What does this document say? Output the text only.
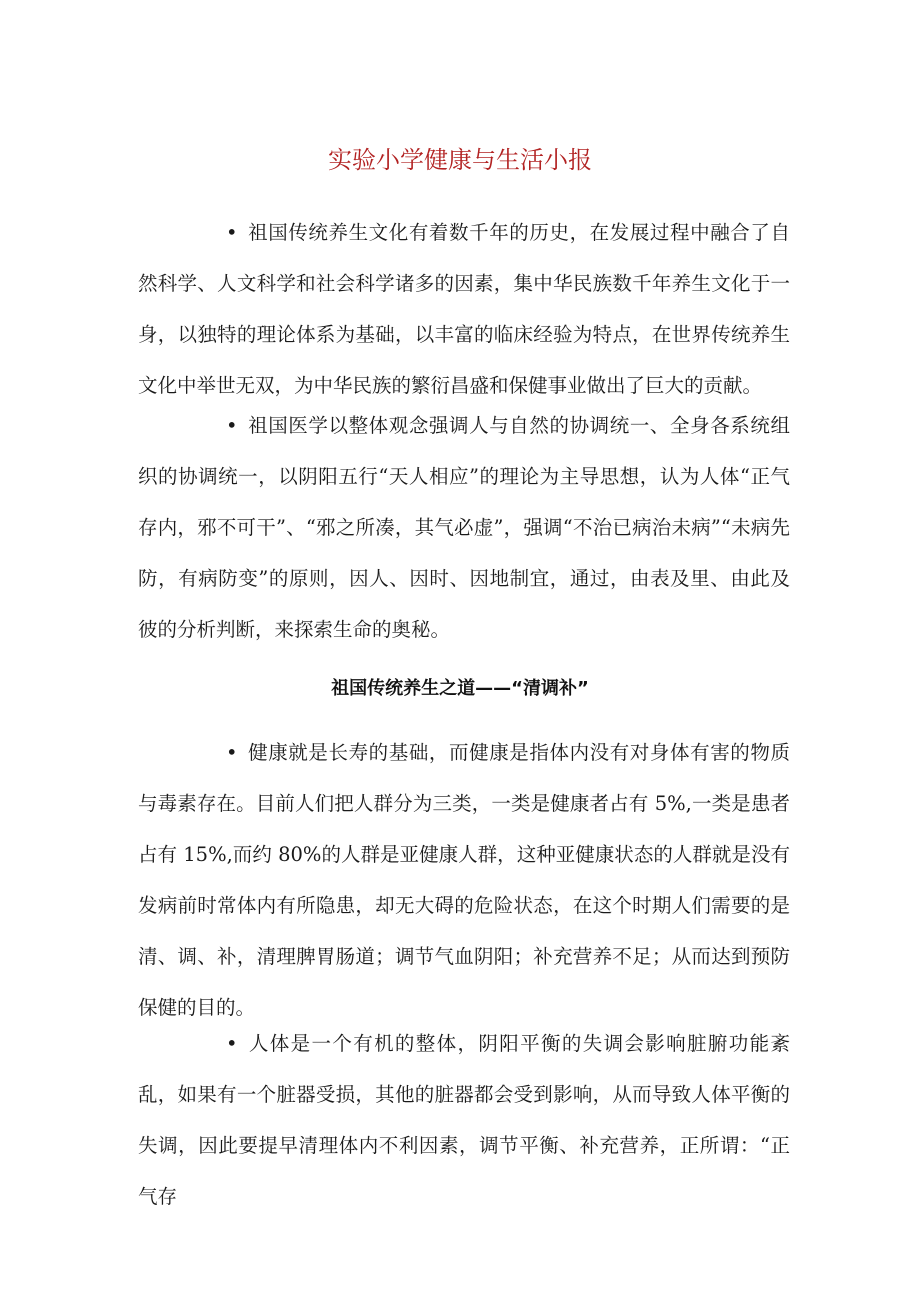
实验小学健康与生活小报

• 祖国传统养生文化有着数千年的历史，在发展过程中融合了自然科学、人文科学和社会科学诸多的因素，集中华民族数千年养生文化于一身，以独特的理论体系为基础，以丰富的临床经验为特点，在世界传统养生文化中举世无双，为中华民族的繁衍昌盛和保健事业做出了巨大的贡献。

• 祖国医学以整体观念强调人与自然的协调统一、全身各系统组织的协调统一，以阴阳五行“天人相应”的理论为主导思想，认为人体“正气存内，邪不可干”、“邪之所凑，其气必虚”，强调“不治已病治未病”“未病先防，有病防变”的原则，因人、因时、因地制宜，通过，由表及里、由此及彼的分析判断，来探索生命的奥秘。

祖国传统养生之道——“清调补”

• 健康就是长寿的基础，而健康是指体内没有对身体有害的物质与毒素存在。目前人们把人群分为三类，一类是健康者占有 5%,一类是患者占有 15%,而约 80%的人群是亚健康人群，这种亚健康状态的人群就是没有发病前时常体内有所隐患，却无大碍的危险状态，在这个时期人们需要的是清、调、补，清理脾胃肠道；调节气血阴阳；补充营养不足；从而达到预防保健的目的。

• 人体是一个有机的整体，阴阳平衡的失调会影响脏腑功能紊乱，如果有一个脏器受损，其他的脏器都会受到影响，从而导致人体平衡的失调，因此要提早清理体内不利因素，调节平衡、补充营养，正所谓：“正气存
